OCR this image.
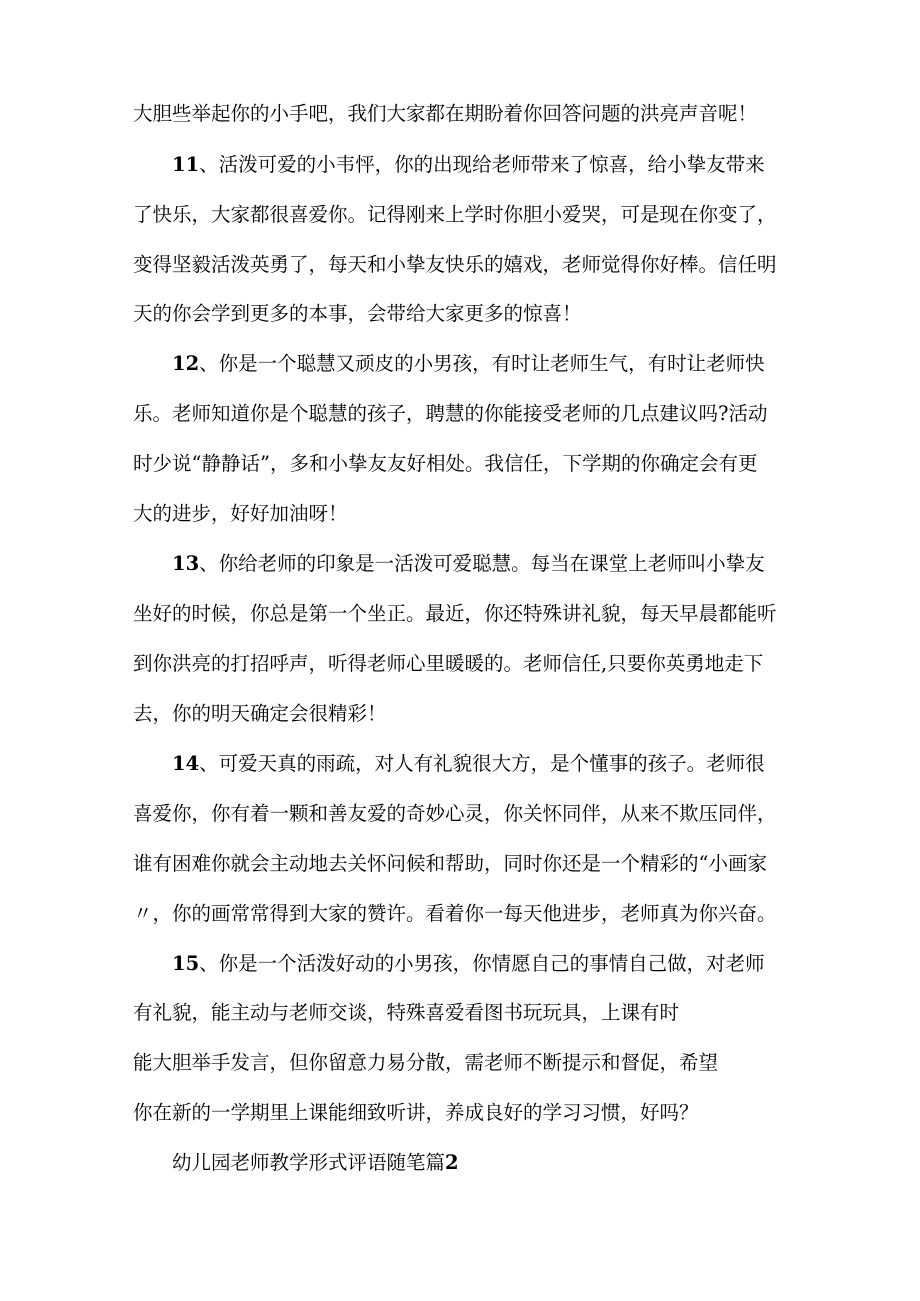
大胆些举起你的小手吧，我们大家都在期盼着你回答问题的洪亮声音呢！

11、活泼可爱的小韦怦，你的出现给老师带来了惊喜，给小挚友带来

了快乐，大家都很喜爱你。记得刚来上学时你胆小爱哭，可是现在你变了，

变得坚毅活泼英勇了，每天和小挚友快乐的嬉戏，老师觉得你好棒。信任明

天的你会学到更多的本事，会带给大家更多的惊喜！

12、你是一个聪慧又顽皮的小男孩，有时让老师生气，有时让老师快

乐。老师知道你是个聪慧的孩子，聘慧的你能接受老师的几点建议吗?活动

时少说“静静话”，多和小挚友友好相处。我信任，下学期的你确定会有更

大的进步，好好加油呀！

13、你给老师的印象是一活泼可爱聪慧。每当在课堂上老师叫小挚友

坐好的时候，你总是第一个坐正。最近，你还特殊讲礼貌，每天早晨都能听

到你洪亮的打招呼声，听得老师心里暖暖的。老师信任,只要你英勇地走下

去，你的明天确定会很精彩！

14、可爱天真的雨疏，对人有礼貌很大方，是个懂事的孩子。老师很

喜爱你，你有着一颗和善友爱的奇妙心灵，你关怀同伴，从来不欺压同伴，

谁有困难你就会主动地去关怀问候和帮助，同时你还是一个精彩的“小画家

〃，你的画常常得到大家的赞许。看着你一每天他进步，老师真为你兴奋。

15、你是一个活泼好动的小男孩，你情愿自己的事情自己做，对老师

有礼貌，能主动与老师交谈，特殊喜爱看图书玩玩具，上课有时

能大胆举手发言，但你留意力易分散，需老师不断提示和督促，希望

你在新的一学期里上课能细致听讲，养成良好的学习习惯，好吗？

幼儿园老师教学形式评语随笔篇2
